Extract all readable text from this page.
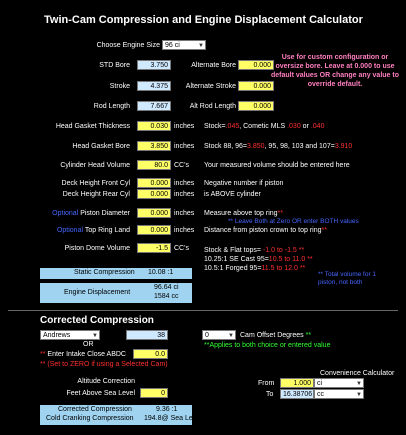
Twin-Cam Compression and Engine Displacement Calculator
Choose Engine Size 96 ci 3.750x4.375
▼
Use for custom configuration or oversize bore. Leave at 0.000 to use default values OR change any value to override default.
STD Bore	3.750	Alternate Bore	0.000
Stroke	4.375	Alternate Stroke	0.000
Rod Length	7.667	Alt Rod Length	0.000
Head Gasket Thickness	0.030 inches Stock=.045, Cometic MLS .030 or .040
Head Gasket Bore	3.850 inches Stock 88, 96=3.850, 95, 98, 103 and 107=3.910
Cylinder Head Volume	80.0 CC's Your measured volume should be entered here
Deck Height Front Cyl	0.000 inches Negative number if piston
Deck Height Rear Cyl	0.000 inches is ABOVE cylinder
Optional Piston Diameter	0.000 inches Measure above top ring**
** Leave Both at Zero OR enter BOTH values
Optional Top Ring Land	0.000 inches Distance from piston crown to top ring**
Piston Dome Volume	-1.5 CC's Stock & Flat tops= -1.0 to -1.5 **
10.25:1 SE Cast 95=10.5 to 11.0 **
10.5:1 Forged 95=11.5 to 12.0 **
** Total volume for 1 piston, not both
Static Compression 10.08 :1
Engine Displacement
96.64 ci
1584 cc
Corrected Compression
Andrews TW57
▼	38
OR
** Enter Intake Close ABDC	0.0
** (Set to ZERO if using a Selected Cam)
0	▼ Cam Offset Degrees **
**Applies to both choice or entered value
Altitude Correction
Feet Above Sea Level	0
Corrected Compression	9.36 :1
Cold Cranking Compression 194.8@ Sea Level
Convenience Calculator
From	1.000 ci	▼
To	16.38706 cc	▼
